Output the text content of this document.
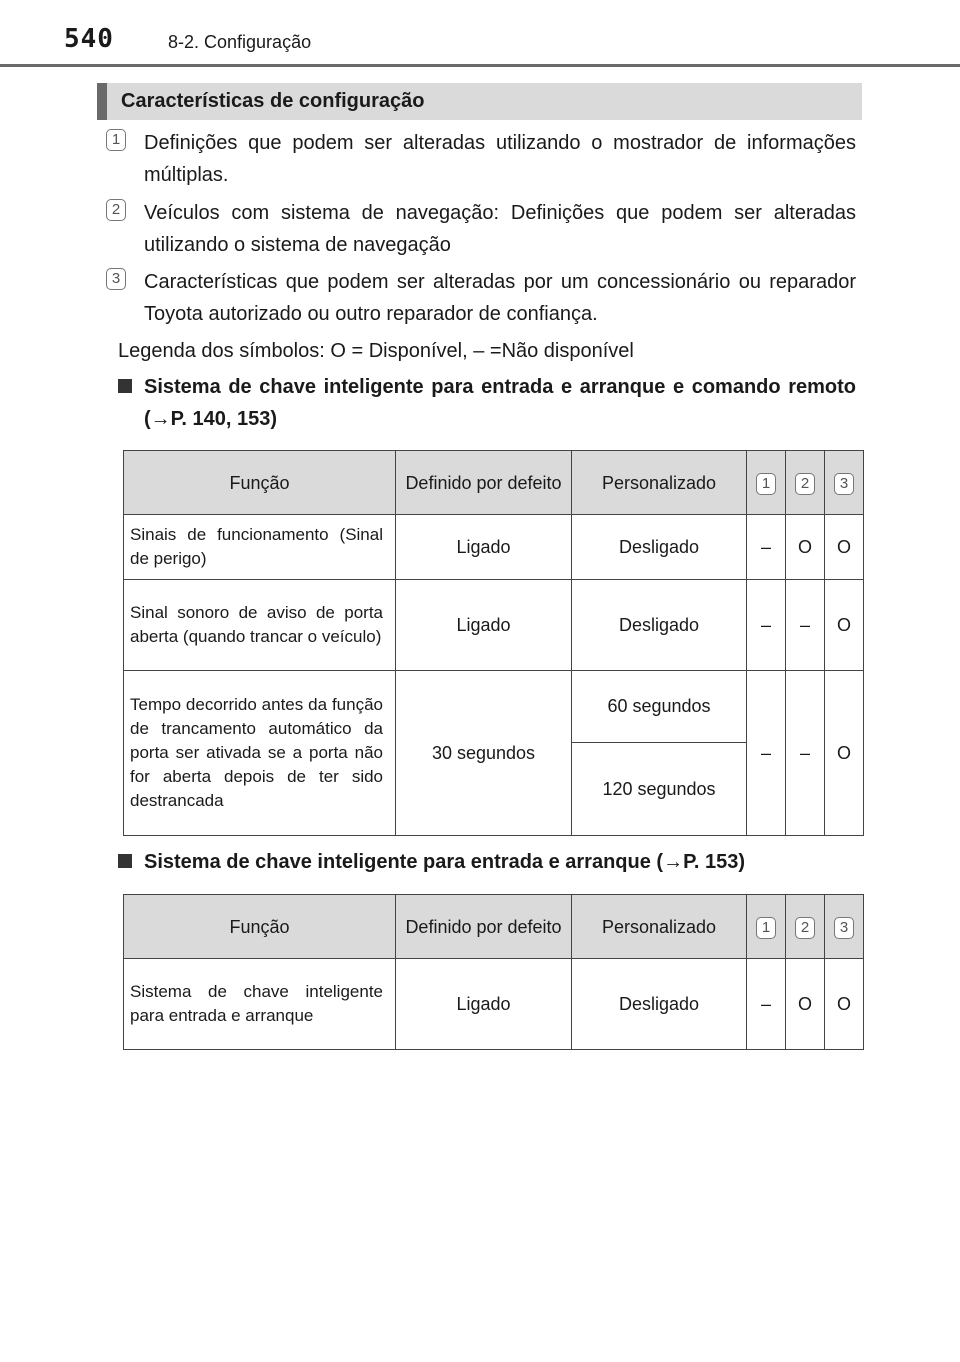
540	8-2. Configuração
Características de configuração
1 Definições que podem ser alteradas utilizando o mostrador de informações múltiplas.
2 Veículos com sistema de navegação: Definições que podem ser alteradas utilizando o sistema de navegação
3 Características que podem ser alteradas por um concessionário ou reparador Toyota autorizado ou outro reparador de confiança.
Legenda dos símbolos: O = Disponível, – =Não disponível
Sistema de chave inteligente para entrada e arranque e comando remoto (→P. 140, 153)
Função	Definido por defeito	Personalizado	1	2	3
Sinais de funcionamento (Sinal de perigo)	Ligado	Desligado	–	O	O
Sinal sonoro de aviso de porta aberta (quando trancar o veículo)	Ligado	Desligado	–	–	O
Tempo decorrido antes da função de trancamento automático da porta ser ativada se a porta não for aberta depois de ter sido destrancada	30 segundos	60 segundos	–	–	O
		120 segundos			
Sistema de chave inteligente para entrada e arranque (→P. 153)
Função	Definido por defeito	Personalizado	1	2	3
Sistema de chave inteligente para entrada e arranque	Ligado	Desligado	–	O	O
